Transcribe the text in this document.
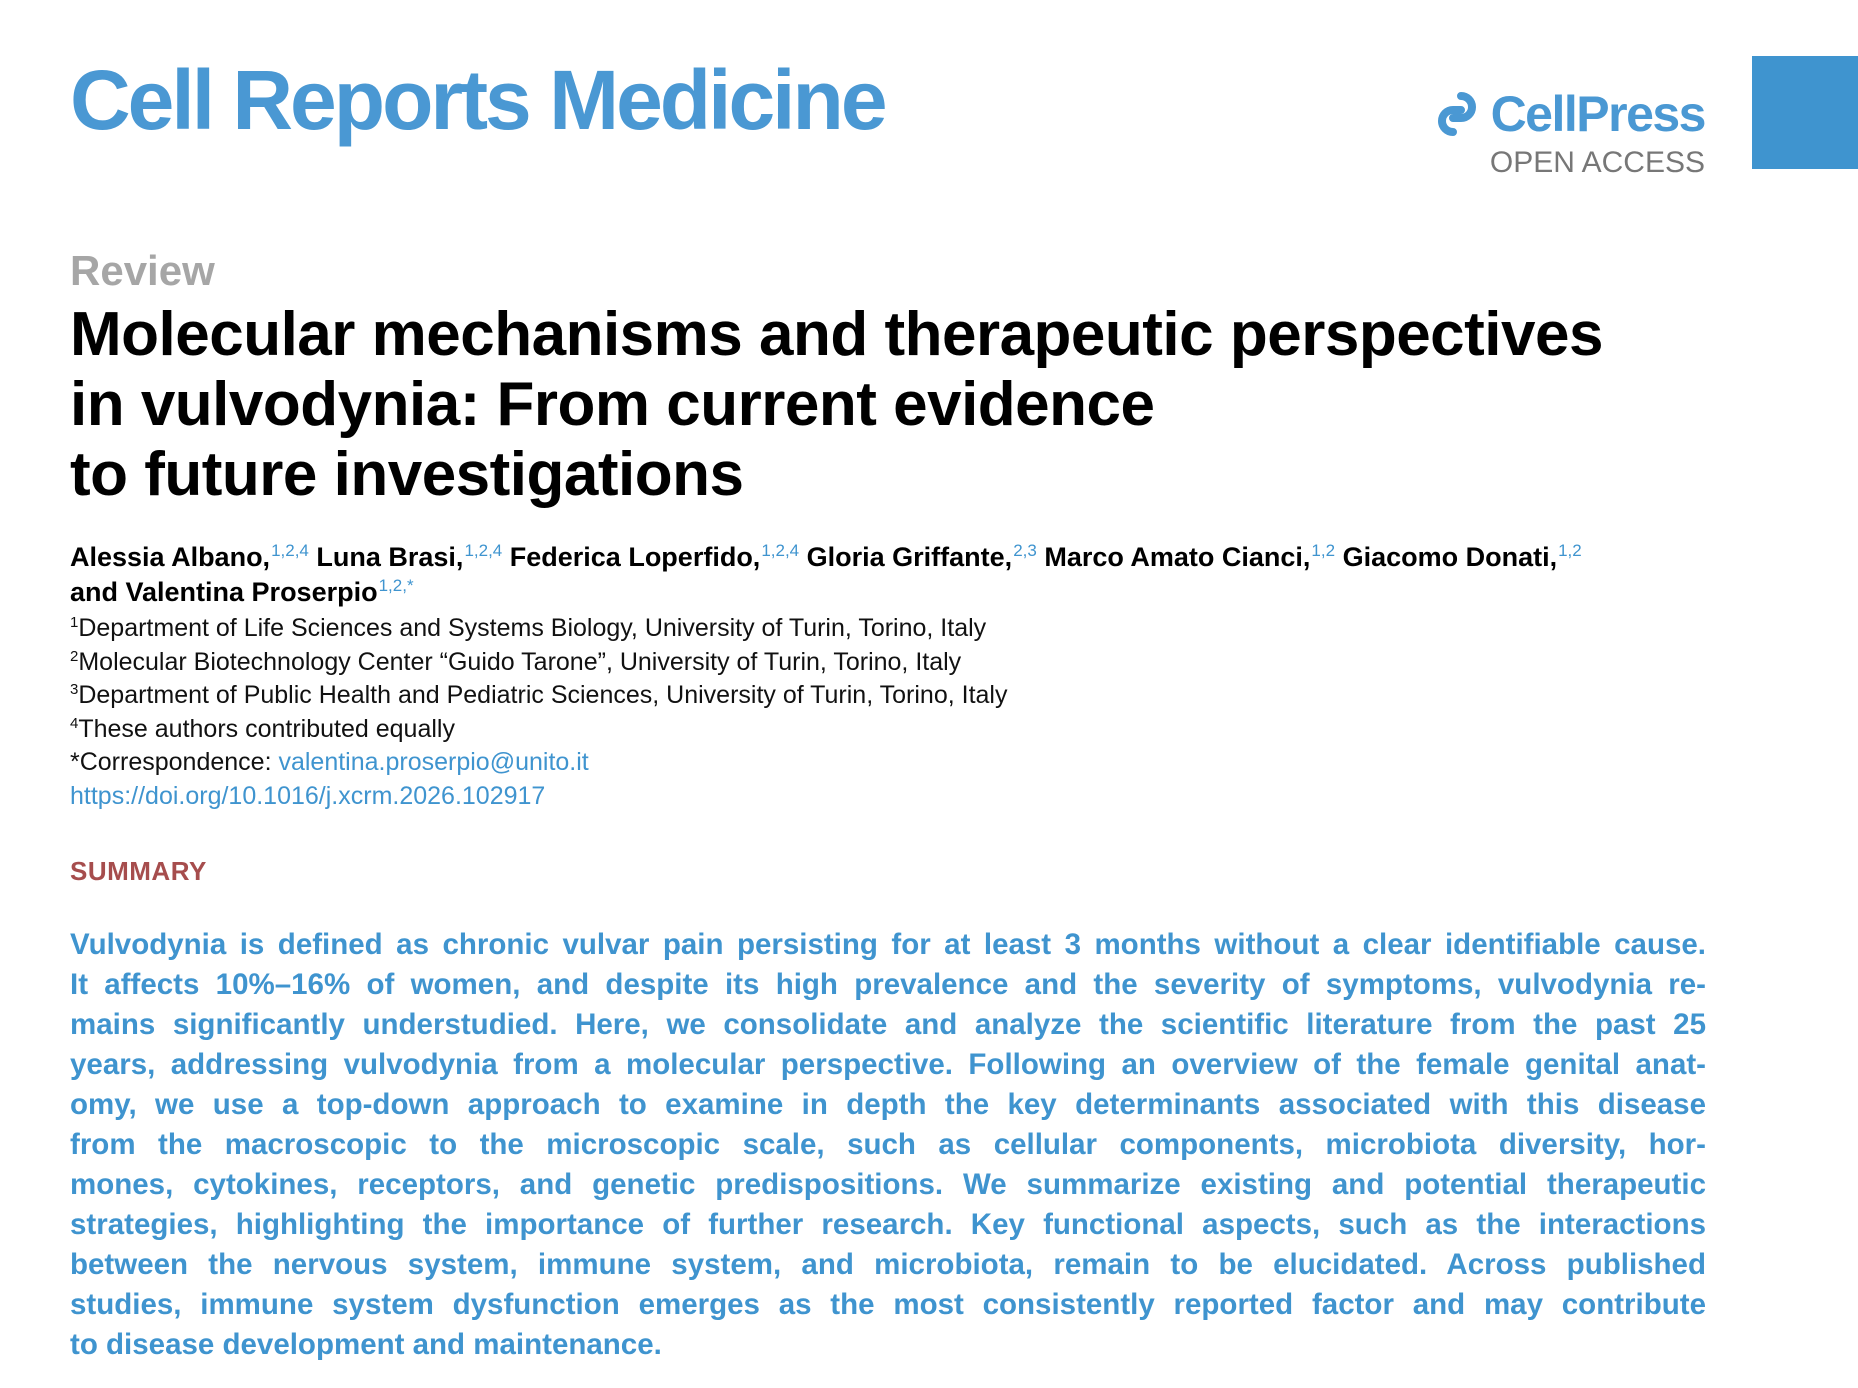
Cell Reports Medicine	CellPress
OPEN ACCESS
Review
Molecular mechanisms and therapeutic perspectives
in vulvodynia: From current evidence
to future investigations
Alessia Albano,$^{1,2,4}$ Luna Brasi,$^{1,2,4}$ Federica Loperfido,$^{1,2,4}$ Gloria Griffante,$^{2,3}$ Marco Amato Cianci,$^{1,2}$ Giacomo Donati,$^{1,2}$
and Valentina Proserpio$^{1,2,*}$
$^1$Department of Life Sciences and Systems Biology, University of Turin, Torino, Italy
$^2$Molecular Biotechnology Center “Guido Tarone”, University of Turin, Torino, Italy
$^3$Department of Public Health and Pediatric Sciences, University of Turin, Torino, Italy
$^4$These authors contributed equally
*Correspondence: valentina.proserpio@unito.it
https://doi.org/10.1016/j.xcrm.2026.102917
SUMMARY
Vulvodynia is defined as chronic vulvar pain persisting for at least 3 months without a clear identifiable cause.
It affects 10%–16% of women, and despite its high prevalence and the severity of symptoms, vulvodynia re-
mains significantly understudied. Here, we consolidate and analyze the scientific literature from the past 25
years, addressing vulvodynia from a molecular perspective. Following an overview of the female genital anat-
omy, we use a top-down approach to examine in depth the key determinants associated with this disease
from the macroscopic to the microscopic scale, such as cellular components, microbiota diversity, hor-
mones, cytokines, receptors, and genetic predispositions. We summarize existing and potential therapeutic
strategies, highlighting the importance of further research. Key functional aspects, such as the interactions
between the nervous system, immune system, and microbiota, remain to be elucidated. Across published
studies, immune system dysfunction emerges as the most consistently reported factor and may contribute
to disease development and maintenance.
